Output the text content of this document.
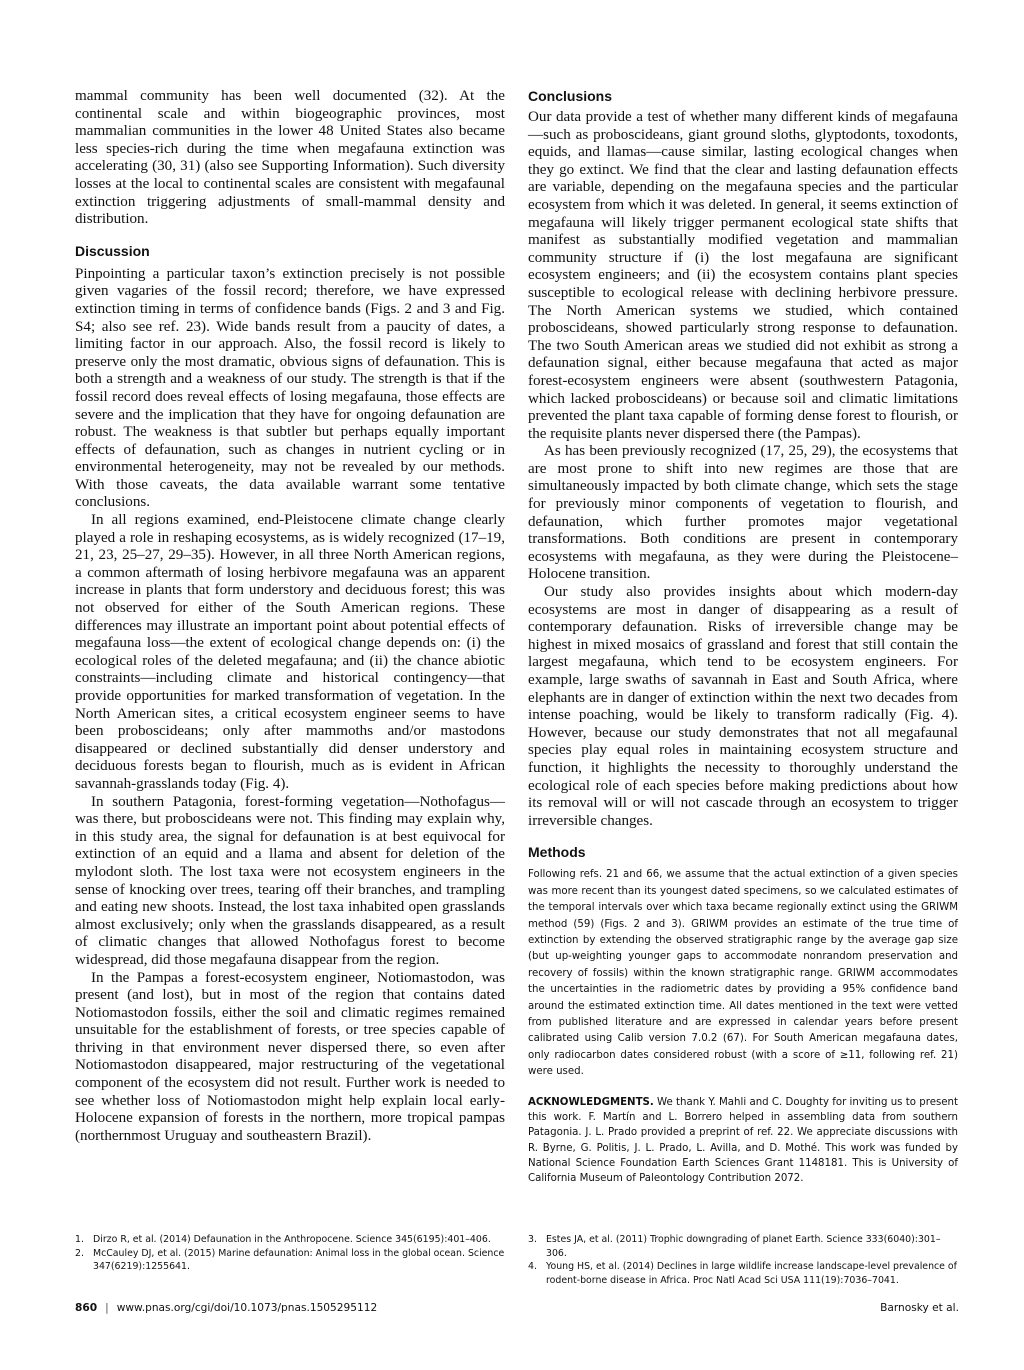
mammal community has been well documented (32). At the continental scale and within biogeographic provinces, most mammalian communities in the lower 48 United States also became less species-rich during the time when megafauna extinction was accelerating (30, 31) (also see Supporting Information). Such diversity losses at the local to continental scales are consistent with megafaunal extinction triggering adjustments of small-mammal density and distribution.

Discussion

Pinpointing a particular taxon’s extinction precisely is not possible given vagaries of the fossil record; therefore, we have expressed extinction timing in terms of confidence bands (Figs. 2 and 3 and Fig. S4; also see ref. 23). Wide bands result from a paucity of dates, a limiting factor in our approach. Also, the fossil record is likely to preserve only the most dramatic, obvious signs of defaunation. This is both a strength and a weakness of our study. The strength is that if the fossil record does reveal effects of losing megafauna, those effects are severe and the implication that they have for ongoing defaunation are robust. The weakness is that subtler but perhaps equally important effects of defaunation, such as changes in nutrient cycling or in environmental heterogeneity, may not be revealed by our methods. With those caveats, the data available warrant some tentative conclusions.

In all regions examined, end-Pleistocene climate change clearly played a role in reshaping ecosystems, as is widely recognized (17–19, 21, 23, 25–27, 29–35). However, in all three North American regions, a common aftermath of losing herbivore megafauna was an apparent increase in plants that form understory and deciduous forest; this was not observed for either of the South American regions. These differences may illustrate an important point about potential effects of megafauna loss—the extent of ecological change depends on: (i) the ecological roles of the deleted megafauna; and (ii) the chance abiotic constraints—including climate and historical contingency—that provide opportunities for marked transformation of vegetation. In the North American sites, a critical ecosystem engineer seems to have been proboscideans; only after mammoths and/or mastodons disappeared or declined substantially did denser understory and deciduous forests began to flourish, much as is evident in African savannah-grasslands today (Fig. 4).

In southern Patagonia, forest-forming vegetation—Nothofagus—was there, but proboscideans were not. This finding may explain why, in this study area, the signal for defaunation is at best equivocal for extinction of an equid and a llama and absent for deletion of the mylodont sloth. The lost taxa were not ecosystem engineers in the sense of knocking over trees, tearing off their branches, and trampling and eating new shoots. Instead, the lost taxa inhabited open grasslands almost exclusively; only when the grasslands disappeared, as a result of climatic changes that allowed Nothofagus forest to become widespread, did those megafauna disappear from the region.

In the Pampas a forest-ecosystem engineer, Notiomastodon, was present (and lost), but in most of the region that contains dated Notiomastodon fossils, either the soil and climatic regimes remained unsuitable for the establishment of forests, or tree species capable of thriving in that environment never dispersed there, so even after Notiomastodon disappeared, major restructuring of the vegetational component of the ecosystem did not result. Further work is needed to see whether loss of Notiomastodon might help explain local early-Holocene expansion of forests in the northern, more tropical pampas (northernmost Uruguay and southeastern Brazil).

Conclusions

Our data provide a test of whether many different kinds of megafauna—such as proboscideans, giant ground sloths, glyptodonts, toxodonts, equids, and llamas—cause similar, lasting ecological changes when they go extinct. We find that the clear and lasting defaunation effects are variable, depending on the megafauna species and the particular ecosystem from which it was deleted. In general, it seems extinction of megafauna will likely trigger permanent ecological state shifts that manifest as substantially modified vegetation and mammalian community structure if (i) the lost megafauna are significant ecosystem engineers; and (ii) the ecosystem contains plant species susceptible to ecological release with declining herbivore pressure. The North American systems we studied, which contained proboscideans, showed particularly strong response to defaunation. The two South American areas we studied did not exhibit as strong a defaunation signal, either because megafauna that acted as major forest-ecosystem engineers were absent (southwestern Patagonia, which lacked proboscideans) or because soil and climatic limitations prevented the plant taxa capable of forming dense forest to flourish, or the requisite plants never dispersed there (the Pampas).

As has been previously recognized (17, 25, 29), the ecosystems that are most prone to shift into new regimes are those that are simultaneously impacted by both climate change, which sets the stage for previously minor components of vegetation to flourish, and defaunation, which further promotes major vegetational transformations. Both conditions are present in contemporary ecosystems with megafauna, as they were during the Pleistocene–Holocene transition.

Our study also provides insights about which modern-day ecosystems are most in danger of disappearing as a result of contemporary defaunation. Risks of irreversible change may be highest in mixed mosaics of grassland and forest that still contain the largest megafauna, which tend to be ecosystem engineers. For example, large swaths of savannah in East and South Africa, where elephants are in danger of extinction within the next two decades from intense poaching, would be likely to transform radically (Fig. 4). However, because our study demonstrates that not all megafaunal species play equal roles in maintaining ecosystem structure and function, it highlights the necessity to thoroughly understand the ecological role of each species before making predictions about how its removal will or will not cascade through an ecosystem to trigger irreversible changes.

Methods

Following refs. 21 and 66, we assume that the actual extinction of a given species was more recent than its youngest dated specimens, so we calculated estimates of the temporal intervals over which taxa became regionally extinct using the GRIWM method (59) (Figs. 2 and 3). GRIWM provides an estimate of the true time of extinction by extending the observed stratigraphic range by the average gap size (but up-weighting younger gaps to accommodate nonrandom preservation and recovery of fossils) within the known stratigraphic range. GRIWM accommodates the uncertainties in the radiometric dates by providing a 95% confidence band around the estimated extinction time. All dates mentioned in the text were vetted from published literature and are expressed in calendar years before present calibrated using Calib version 7.0.2 (67). For South American megafauna dates, only radiocarbon dates considered robust (with a score of ≥11, following ref. 21) were used.

ACKNOWLEDGMENTS. We thank Y. Mahli and C. Doughty for inviting us to present this work. F. Martín and L. Borrero helped in assembling data from southern Patagonia. J. L. Prado provided a preprint of ref. 22. We appreciate discussions with R. Byrne, G. Politis, J. L. Prado, L. Avilla, and D. Mothé. This work was funded by National Science Foundation Earth Sciences Grant 1148181. This is University of California Museum of Paleontology Contribution 2072.

1. Dirzo R, et al. (2014) Defaunation in the Anthropocene. Science 345(6195):401–406.
2. McCauley DJ, et al. (2015) Marine defaunation: Animal loss in the global ocean. Science 347(6219):1255641.
3. Estes JA, et al. (2011) Trophic downgrading of planet Earth. Science 333(6040):301–306.
4. Young HS, et al. (2014) Declines in large wildlife increase landscape-level prevalence of rodent-borne disease in Africa. Proc Natl Acad Sci USA 111(19):7036–7041.
860 | www.pnas.org/cgi/doi/10.1073/pnas.1505295112	Barnosky et al.
